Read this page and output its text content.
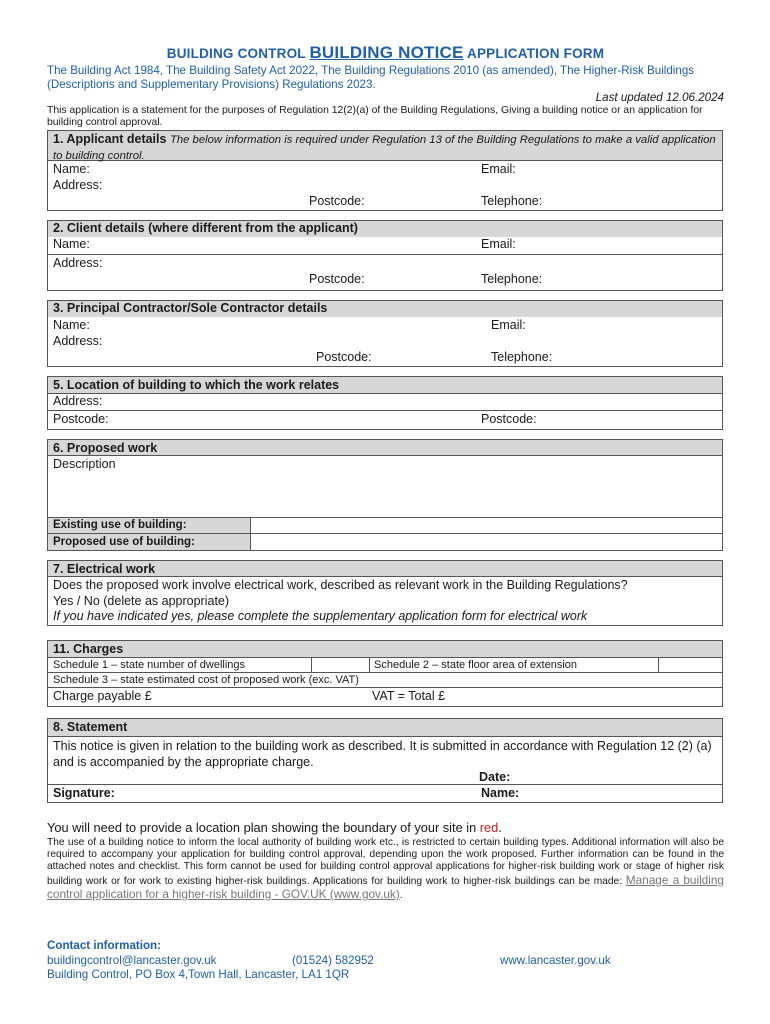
BUILDING CONTROL BUILDING NOTICE APPLICATION FORM
The Building Act 1984, The Building Safety Act 2022, The Building Regulations 2010 (as amended), The Higher-Risk Buildings (Descriptions and Supplementary Provisions) Regulations 2023.
Last updated 12.06.2024
This application is a statement for the purposes of Regulation 12(2)(a) of the Building Regulations, Giving a building notice or an application for building control approval.
1. Applicant details The below information is required under Regulation 13 of the Building Regulations to make a valid application to building control.
Name:	Email:
Address:
Postcode:	Telephone:
2. Client details (where different from the applicant)
Name:	Email:
Address:
Postcode:	Telephone:
3. Principal Contractor/Sole Contractor details
Name:	Email:
Address:
Postcode:	Telephone:
5. Location of building to which the work relates
Address:
Postcode:	Postcode:
6. Proposed work
Description
Existing use of building:
Proposed use of building:
7. Electrical work
Does the proposed work involve electrical work, described as relevant work in the Building Regulations?
Yes / No (delete as appropriate)
If you have indicated yes, please complete the supplementary application form for electrical work
11. Charges
Schedule 1 – state number of dwellings	Schedule 2 – state floor area of extension
Schedule 3 – state estimated cost of proposed work (exc. VAT)
Charge payable £	VAT = Total £
8. Statement
This notice is given in relation to the building work as described. It is submitted in accordance with Regulation 12 (2) (a) and is accompanied by the appropriate charge.
Date:
Signature:	Name:
You will need to provide a location plan showing the boundary of your site in red.
The use of a building notice to inform the local authority of building work etc., is restricted to certain building types. Additional information will also be required to accompany your application for building control approval, depending upon the work proposed. Further information can be found in the attached notes and checklist. This form cannot be used for building control approval applications for higher-risk building work or stage of higher risk building work or for work to existing higher-risk buildings. Applications for building work to higher-risk buildings can be made: Manage a building control application for a higher-risk building - GOV.UK (www.gov.uk).
Contact information:
buildingcontrol@lancaster.gov.uk	(01524) 582952	www.lancaster.gov.uk
Building Control, PO Box 4,Town Hall, Lancaster, LA1 1QR
